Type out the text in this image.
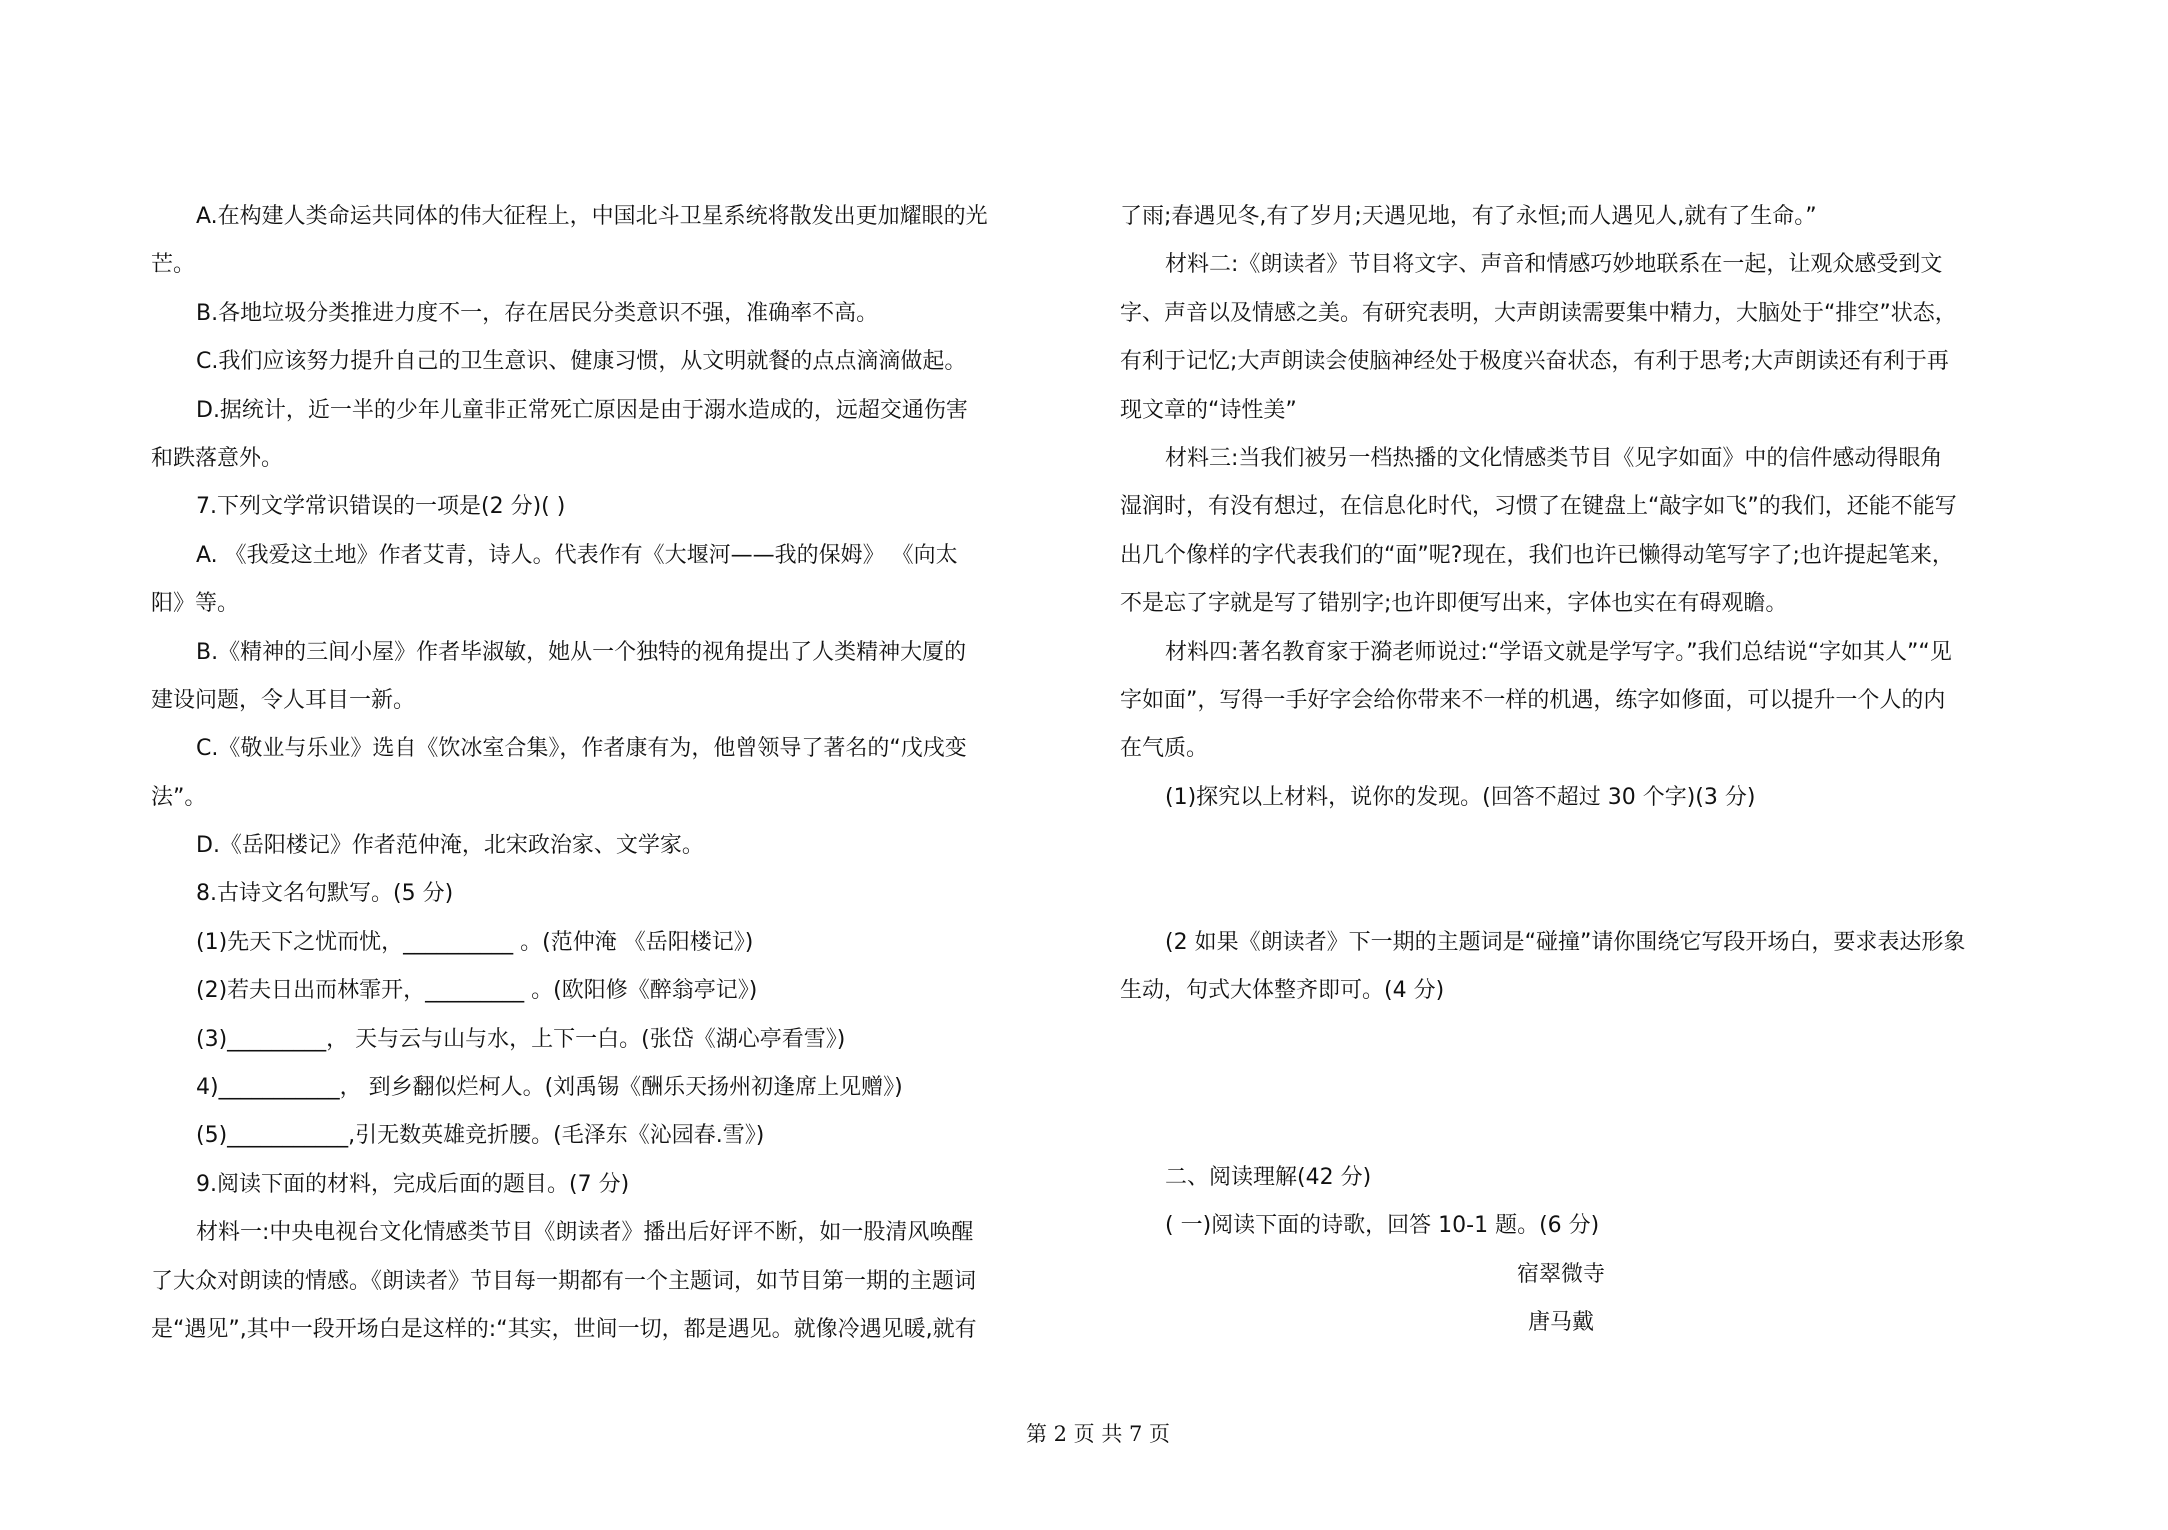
A.在构建人类命运共同体的伟大征程上，中国北斗卫星系统将散发出更加耀眼的光
芒。
B.各地垃圾分类推进力度不一，存在居民分类意识不强，准确率不高。
C.我们应该努力提升自己的卫生意识、健康习惯，从文明就餐的点点滴滴做起。
D.据统计，近一半的少年儿童非正常死亡原因是由于溺水造成的，远超交通伤害
和跌落意外。
7.下列文学常识错误的一项是(2 分)( )
A. 《我爱这土地》作者艾青，诗人。代表作有《大堰河——我的保姆》 《向太
阳》等。
B.《精神的三间小屋》作者毕淑敏，她从一个独特的视角提出了人类精神大厦的
建设问题，令人耳目一新。
C.《敬业与乐业》选自《饮冰室合集》，作者康有为，他曾领导了著名的“戊戌变
法”。
D.《岳阳楼记》作者范仲淹，北宋政治家、文学家。
8.古诗文名句默写。(5 分)
(1)先天下之忧而忧，__________ 。(范仲淹 《岳阳楼记》)
(2)若夫日出而林霏开，_________ 。(欧阳修《醉翁亭记》)
(3)_________， 天与云与山与水，上下一白。(张岱《湖心亭看雪》)
4)___________， 到乡翻似烂柯人。(刘禹锡《酬乐天扬州初逢席上见赠》)
(5)___________,引无数英雄竞折腰。(毛泽东《沁园春.雪》)
9.阅读下面的材料，完成后面的题目。(7 分)
材料一:中央电视台文化情感类节目《朗读者》播出后好评不断，如一股清风唤醒
了大众对朗读的情感。《朗读者》节目每一期都有一个主题词，如节目第一期的主题词
是“遇见”,其中一段开场白是这样的:“其实，世间一切，都是遇见。就像冷遇见暖,就有
了雨;春遇见冬,有了岁月;天遇见地，有了永恒;而人遇见人,就有了生命。”
材料二:《朗读者》节目将文字、声音和情感巧妙地联系在一起，让观众感受到文
字、声音以及情感之美。有研究表明，大声朗读需要集中精力，大脑处于“排空”状态，
有利于记忆;大声朗读会使脑神经处于极度兴奋状态，有利于思考;大声朗读还有利于再
现文章的“诗性美”
材料三:当我们被另一档热播的文化情感类节目《见字如面》中的信件感动得眼角
湿润时，有没有想过，在信息化时代，习惯了在键盘上“敲字如飞”的我们，还能不能写
出几个像样的字代表我们的“面”呢?现在，我们也许已懒得动笔写字了;也许提起笔来，
不是忘了字就是写了错别字;也许即便写出来，字体也实在有碍观瞻。
材料四:著名教育家于漪老师说过:“学语文就是学写字。”我们总结说“字如其人”“见
字如面”，写得一手好字会给你带来不一样的机遇，练字如修面，可以提升一个人的内
在气质。
(1)探究以上材料，说你的发现。(回答不超过 30 个字)(3 分)
(2 如果《朗读者》下一期的主题词是“碰撞”请你围绕它写段开场白，要求表达形象
生动，句式大体整齐即可。(4 分)
二、阅读理解(42 分)
( 一)阅读下面的诗歌，回答 10-1 题。(6 分)
宿翠微寺
唐马戴
第 2 页 共 7 页
